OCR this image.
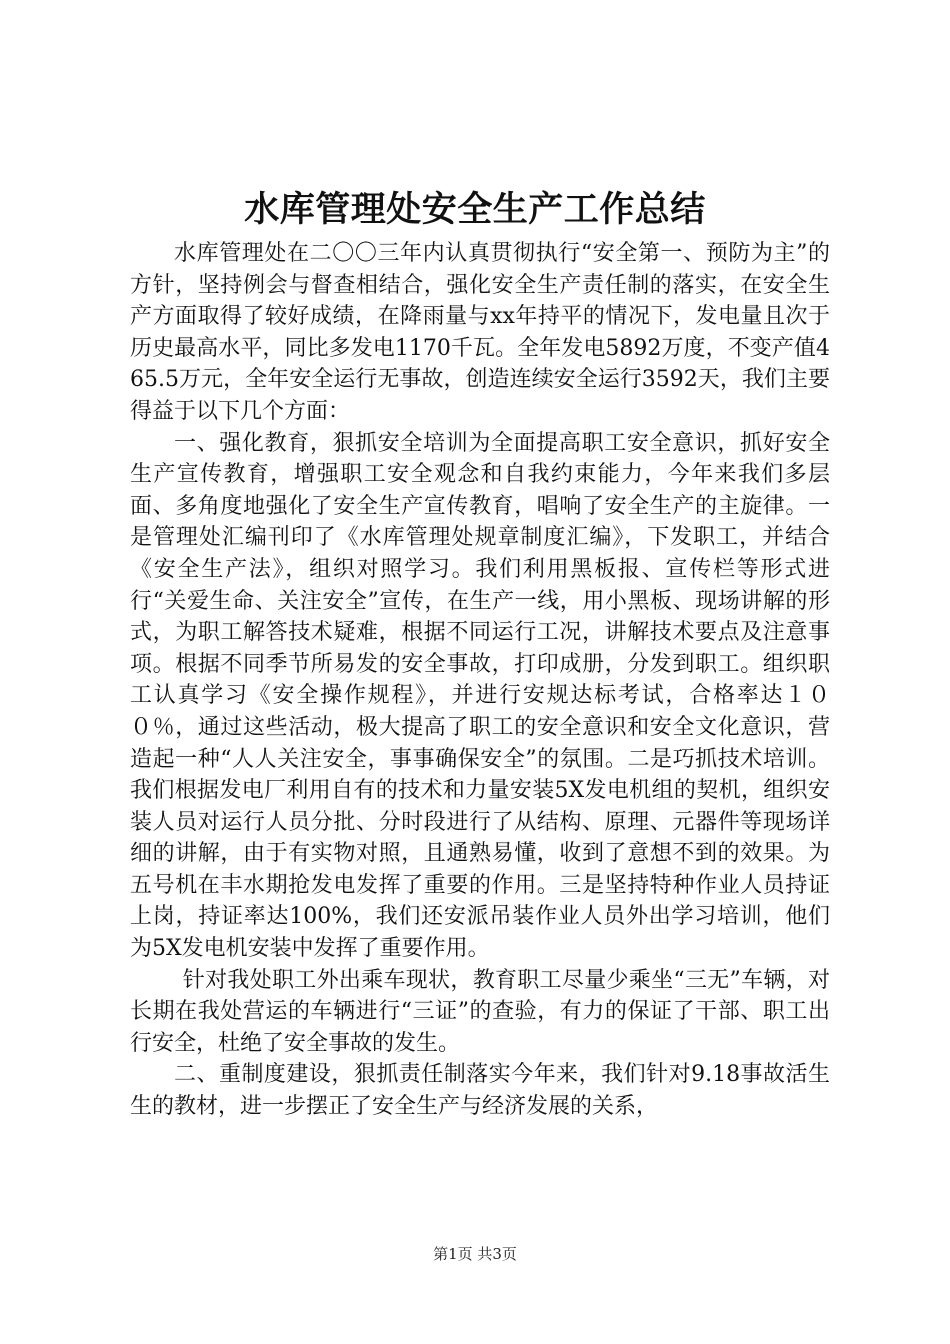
水库管理处安全生产工作总结

水库管理处在二〇〇三年内认真贯彻执行“安全第一、预防为主”的方针，坚持例会与督查相结合，强化安全生产责任制的落实，在安全生产方面取得了较好成绩，在降雨量与xx年持平的情况下，发电量且次于历史最高水平，同比多发电1170千瓦。全年发电5892万度，不变产值465.5万元，全年安全运行无事故，创造连续安全运行3592天，我们主要得益于以下几个方面：

一、强化教育，狠抓安全培训为全面提高职工安全意识，抓好安全生产宣传教育，增强职工安全观念和自我约束能力，今年来我们多层面、多角度地强化了安全生产宣传教育，唱响了安全生产的主旋律。一是管理处汇编刊印了《水库管理处规章制度汇编》，下发职工，并结合《安全生产法》，组织对照学习。我们利用黑板报、宣传栏等形式进行“关爱生命、关注安全”宣传，在生产一线，用小黑板、现场讲解的形式，为职工解答技术疑难，根据不同运行工况，讲解技术要点及注意事项。根据不同季节所易发的安全事故，打印成册，分发到职工。组织职工认真学习《安全操作规程》，并进行安规达标考试，合格率达１００％，通过这些活动，极大提高了职工的安全意识和安全文化意识，营造起一种“人人关注安全，事事确保安全”的氛围。二是巧抓技术培训。我们根据发电厂利用自有的技术和力量安装5X发电机组的契机，组织安装人员对运行人员分批、分时段进行了从结构、原理、元器件等现场详细的讲解，由于有实物对照，且通熟易懂，收到了意想不到的效果。为五号机在丰水期抢发电发挥了重要的作用。三是坚持特种作业人员持证上岗，持证率达100%，我们还安派吊装作业人员外出学习培训，他们为5X发电机安装中发挥了重要作用。

针对我处职工外出乘车现状，教育职工尽量少乘坐“三无”车辆，对长期在我处营运的车辆进行“三证”的查验，有力的保证了干部、职工出行安全，杜绝了安全事故的发生。

二、重制度建设，狠抓责任制落实今年来，我们针对9.18事故活生生的教材，进一步摆正了安全生产与经济发展的关系，

第1页 共3页
